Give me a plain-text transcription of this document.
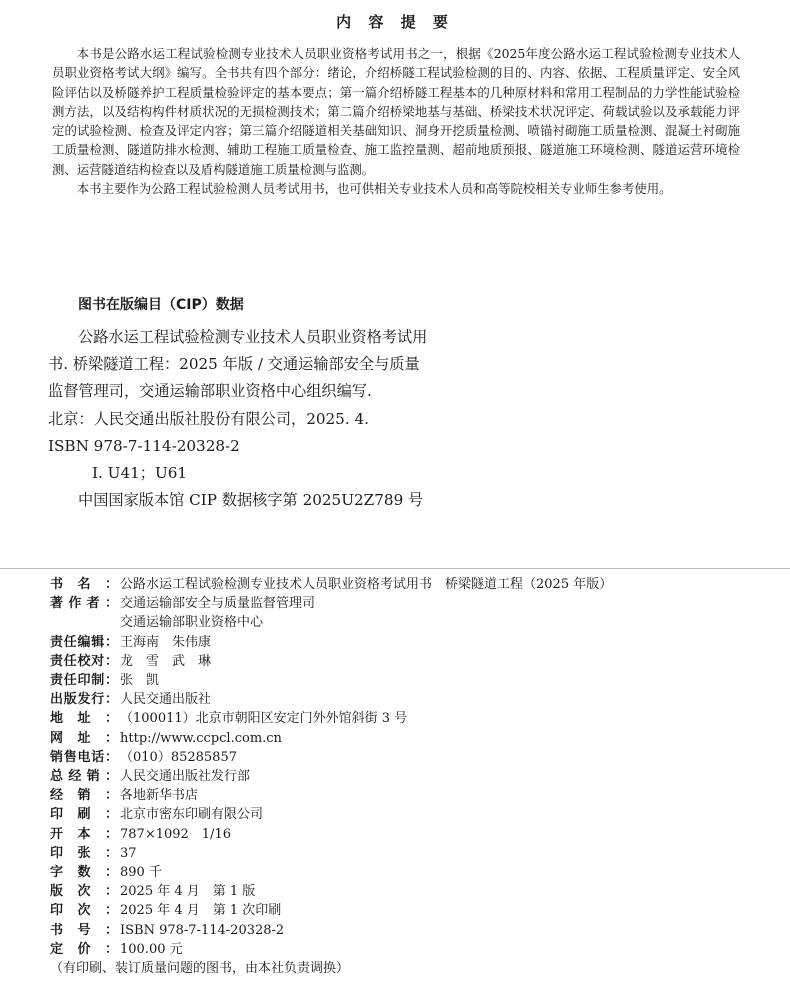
内 容 提 要

本书是公路水运工程试验检测专业技术人员职业资格考试用书之一，根据《2025年度公路水运工程试验检测专业技术人员职业资格考试大纲》编写。全书共有四个部分：绪论，介绍桥隧工程试验检测的目的、内容、依据、工程质量评定、安全风险评估以及桥隧养护工程质量检验评定的基本要点；第一篇介绍桥隧工程基本的几种原材料和常用工程制品的力学性能试验检测方法，以及结构构件材质状况的无损检测技术；第二篇介绍桥梁地基与基础、桥梁技术状况评定、荷载试验以及承载能力评定的试验检测、检查及评定内容；第三篇介绍隧道相关基础知识、洞身开挖质量检测、喷锚衬砌施工质量检测、混凝土衬砌施工质量检测、隧道防排水检测、辅助工程施工质量检查、施工监控量测、超前地质预报、隧道施工环境检测、隧道运营环境检测、运营隧道结构检查以及盾构隧道施工质量检测与监测。

本书主要作为公路工程试验检测人员考试用书，也可供相关专业技术人员和高等院校相关专业师生参考使用。

图书在版编目（CIP）数据
公路水运工程试验检测专业技术人员职业资格考试用
书. 桥梁隧道工程：2025 年版 / 交通运输部安全与质量
监督管理司，交通运输部职业资格中心组织编写.
北京：人民交通出版社股份有限公司，2025. 4.
ISBN 978-7-114-20328-2
Ⅰ. U41；U61
中国国家版本馆 CIP 数据核字第 2025U2Z789 号
书名： 公路水运工程试验检测专业技术人员职业资格考试用书　桥梁隧道工程（2025 年版）
著作者： 交通运输部安全与质量监督管理司
交通运输部职业资格中心
责任编辑： 王海南　朱伟康
责任校对： 龙　雪　武　琳
责任印制： 张　凯
出版发行： 人民交通出版社
地址： （100011）北京市朝阳区安定门外外馆斜街 3 号
网址： http://www.ccpcl.com.cn
销售电话： （010）85285857
总经销： 人民交通出版社发行部
经销： 各地新华书店
印刷： 北京市密东印刷有限公司
开本： 787×1092　1/16
印张： 37
字数： 890 千
版次： 2025 年 4 月　第 1 版
印次： 2025 年 4 月　第 1 次印刷
书号： ISBN 978-7-114-20328-2
定价： 100.00 元
（有印刷、装订质量问题的图书，由本社负责调换）
